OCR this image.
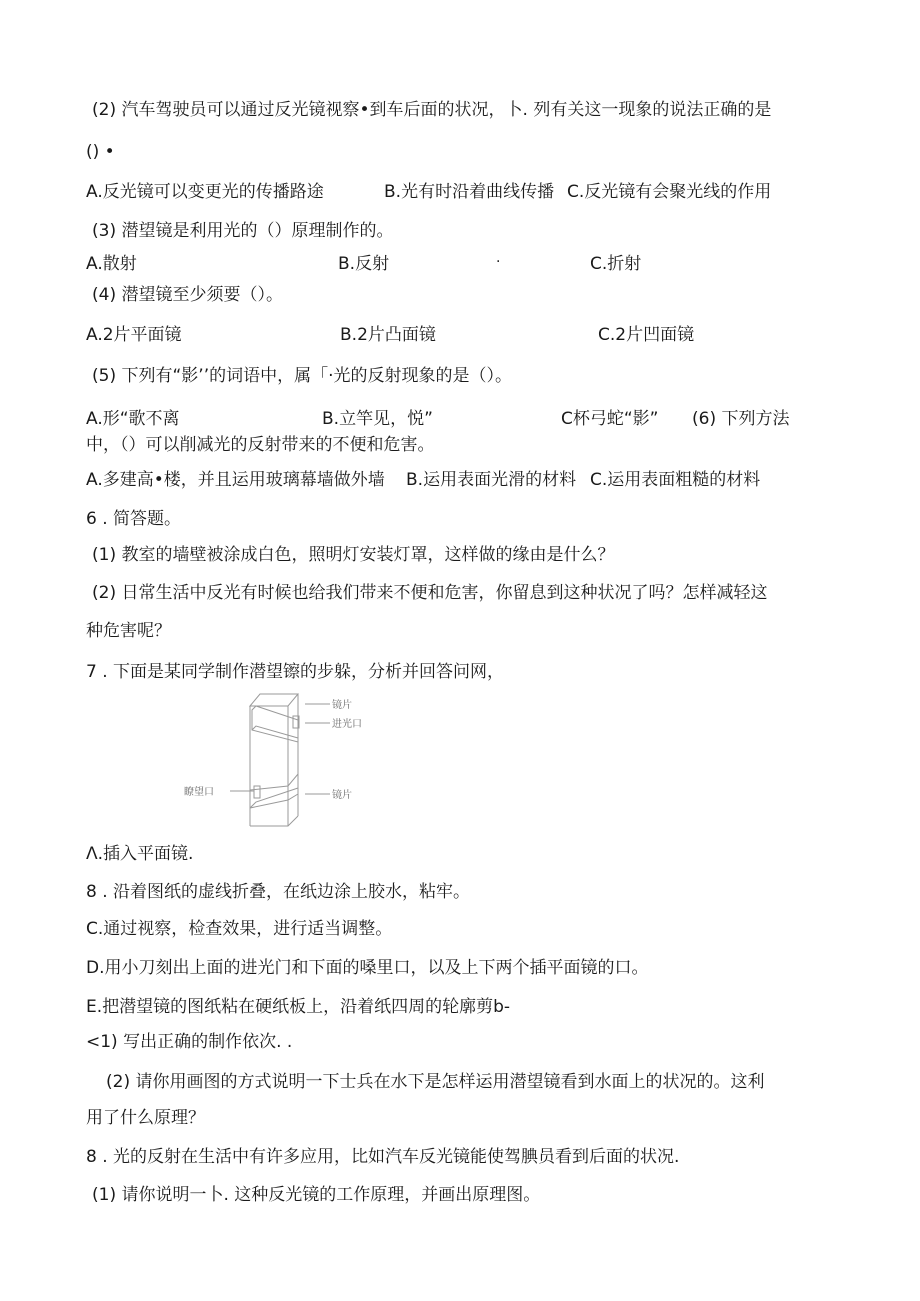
(2) 汽车驾驶员可以通过反光镜视察•到车后面的状况，卜. 列有关这一现象的说法正确的是
() •
A.反光镜可以变更光的传播路途	B.光有时沿着曲线传播 C.反光镜有会聚光线的作用
(3) 潜望镜是利用光的（）原理制作的。
A.散射	B.反射	·	C.折射
(4) 潜望镜至少须要（）。
A.2片平面镜	B.2片凸面镜	C.2片凹面镜
(5) 下列有“影’’的词语中，属「·光的反射现象的是（）。
A.形“歌不离	B.立竿见，悦”	C杯弓蛇“影” (6) 下列方法
中，（）可以削减光的反射带来的不便和危害。
A.多建高•楼，并且运用玻璃幕墙做外墙 B.运用表面光滑的材料 C.运用表面粗糙的材料
6 . 简答题。
(1) 教室的墙壁被涂成白色，照明灯安装灯罩，这样做的缘由是什么？
(2) 日常生活中反光有时候也给我们带来不便和危害，你留息到这种状况了吗？怎样减轻这
种危害呢？
7 . 下面是某同学制作潜望镲的步躲，分析并回答问网，
镜片
进光口
瞭望口	镜片
Λ.插入平面镜.
8 . 沿着图纸的虚线折叠，在纸边涂上胶水，粘牢。
C.通过视察，检查效果，进行适当调整。
D.用小刀刻出上面的进光门和下面的嗓里口，以及上下两个插平面镜的口。
E.把潜望镜的图纸粘在硬纸板上，沿着纸四周的轮廓剪b-
<1) 写出正确的制作依次. .
(2) 请你用画图的方式说明一下士兵在水下是怎样运用潜望镜看到水面上的状况的。这利
用了什么原理？
8 . 光的反射在生活中有许多应用，比如汽车反光镜能使驾腆员看到后面的状况.
(1) 请你说明一卜. 这种反光镜的工作原理，并画出原理图。
